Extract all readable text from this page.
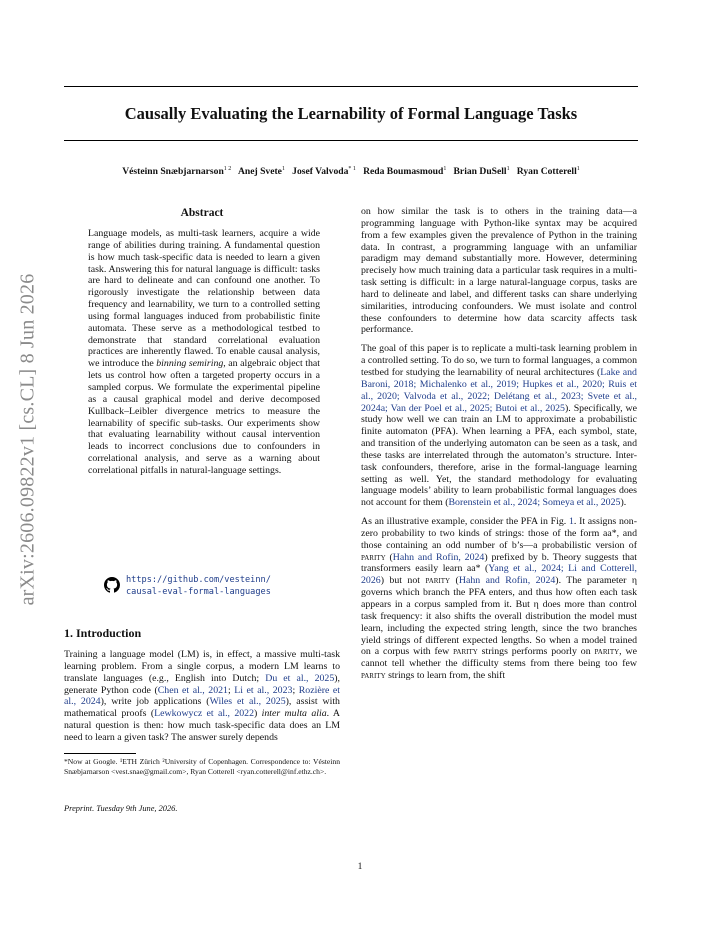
arXiv:2606.09822v1 [cs.CL] 8 Jun 2026
Causally Evaluating the Learnability of Formal Language Tasks
Vésteinn Snæbjarnarson$^{1 2}$ Anej Svete$^1$ Josef Valvoda$^{* 1}$ Reda Boumasmoud$^1$ Brian DuSell$^1$ Ryan Cotterell$^1$
Abstract
Language models, as multi-task learners, acquire a wide range of abilities during training. A fundamental question is how much task-specific data is needed to learn a given task. Answering this for natural language is difficult: tasks are hard to delineate and can confound one another. To rigorously investigate the relationship between data frequency and learnability, we turn to a controlled setting using formal languages induced from probabilistic finite automata. These serve as a methodological testbed to demonstrate that standard correlational evaluation practices are inherently flawed. To enable causal analysis, we introduce the binning semiring, an algebraic object that lets us control how often a targeted property occurs in a sampled corpus. We formulate the experimental pipeline as a causal graphical model and derive decomposed Kullback–Leibler divergence metrics to measure the learnability of specific sub-tasks. Our experiments show that evaluating learnability without causal intervention leads to incorrect conclusions due to confounders in correlational analysis, and serve as a warning about correlational pitfalls in natural-language settings.
https://github.com/vesteinn/
causal-eval-formal-languages
1. Introduction

Training a language model (LM) is, in effect, a massive multi-task learning problem. From a single corpus, a modern LM learns to translate languages (e.g., English into Dutch; Du et al., 2025), generate Python code (Chen et al., 2021; Li et al., 2023; Rozière et al., 2024), write job applications (Wiles et al., 2025), assist with mathematical proofs (Lewkowycz et al., 2022) inter multa alia. A natural question is then: how much task-specific data does an LM need to learn a given task? The answer surely depends

*Now at Google. ¹ETH Zürich ²University of Copenhagen. Correspondence to: Vésteinn Snæbjarnarson <vest.snae@gmail.com>, Ryan Cotterell <ryan.cotterell@inf.ethz.ch>.
Preprint. Tuesday 9th June, 2026.

on how similar the task is to others in the training data—a programming language with Python-like syntax may be acquired from a few examples given the prevalence of Python in the training data. In contrast, a programming language with an unfamiliar paradigm may demand substantially more. However, determining precisely how much training data a particular task requires in a multi-task setting is difficult: in a large natural-language corpus, tasks are hard to delineate and label, and different tasks can share underlying similarities, introducing confounders. We must isolate and control these confounders to determine how data scarcity affects task performance.

The goal of this paper is to replicate a multi-task learning problem in a controlled setting. To do so, we turn to formal languages, a common testbed for studying the learnability of neural architectures (Lake and Baroni, 2018; Michalenko et al., 2019; Hupkes et al., 2020; Ruis et al., 2020; Valvoda et al., 2022; Delétang et al., 2023; Svete et al., 2024a; Van der Poel et al., 2025; Butoi et al., 2025). Specifically, we study how well we can train an LM to approximate a probabilistic finite automaton (PFA). When learning a PFA, each symbol, state, and transition of the underlying automaton can be seen as a task, and these tasks are interrelated through the automaton’s structure. Inter-task confounders, therefore, arise in the formal-language learning setting as well. Yet, the standard methodology for evaluating language models’ ability to learn probabilistic formal languages does not account for them (Borenstein et al., 2024; Someya et al., 2025).

As an illustrative example, consider the PFA in Fig. 1. It assigns non-zero probability to two kinds of strings: those of the form aa*, and those containing an odd number of b’s—a probabilistic version of parity (Hahn and Rofin, 2024) prefixed by b. Theory suggests that transformers easily learn aa* (Yang et al., 2024; Li and Cotterell, 2026) but not parity (Hahn and Rofin, 2024). The parameter η governs which branch the PFA enters, and thus how often each task appears in a corpus sampled from it. But η does more than control task frequency: it also shifts the overall distribution the model must learn, including the expected string length, since the two branches yield strings of different expected lengths. So when a model trained on a corpus with few parity strings performs poorly on parity, we cannot tell whether the difficulty stems from there being too few parity strings to learn from, the shift

1
